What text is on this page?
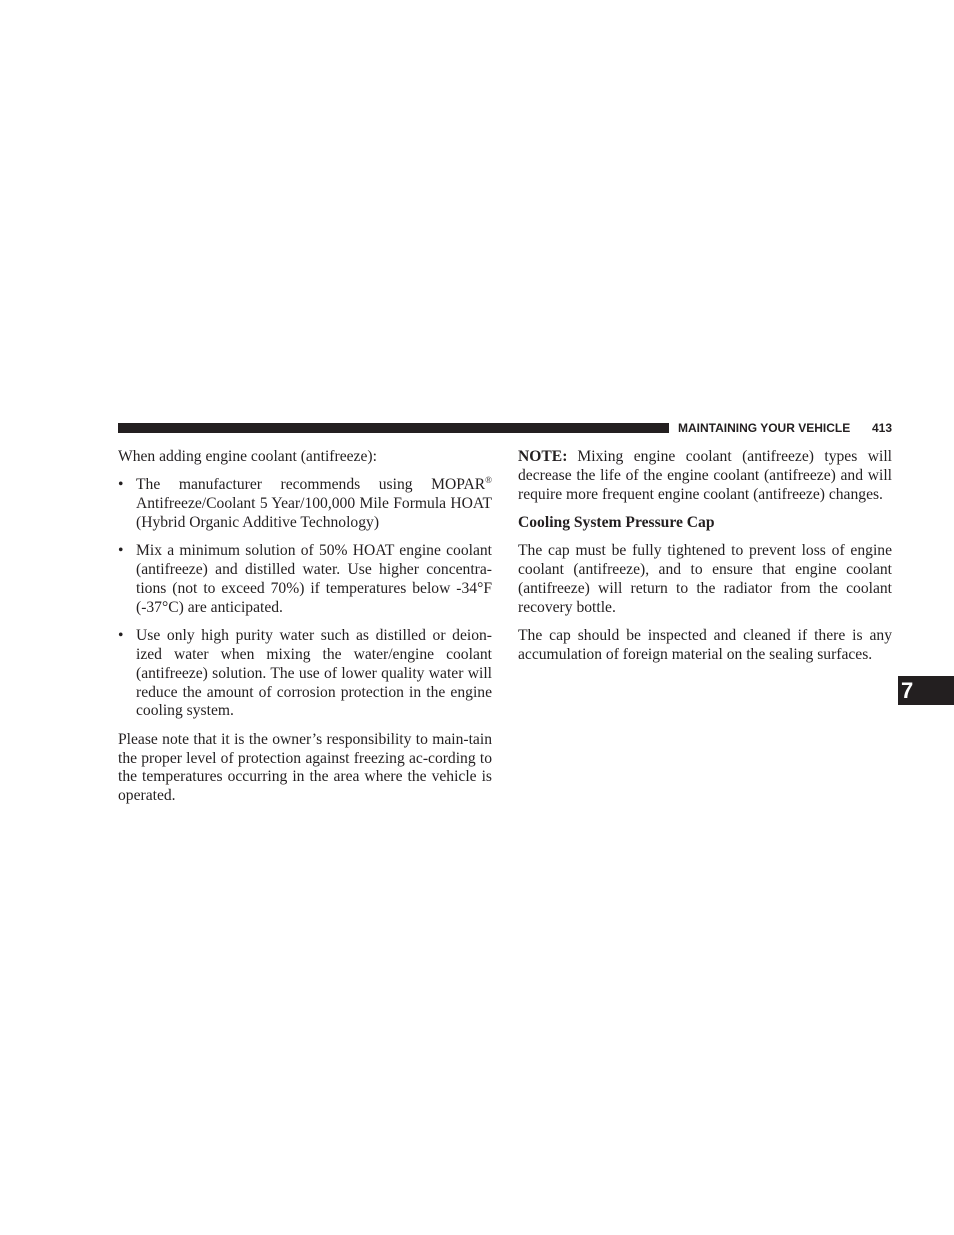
MAINTAINING YOUR VEHICLE 413

When adding engine coolant (antifreeze):

• The manufacturer recommends using MOPAR® Antifreeze/Coolant 5 Year/100,000 Mile Formula HOAT (Hybrid Organic Additive Technology)
• Mix a minimum solution of 50% HOAT engine coolant (antifreeze) and distilled water. Use higher concentra-tions (not to exceed 70%) if temperatures below -34°F (-37°C) are anticipated.
• Use only high purity water such as distilled or deion-ized water when mixing the water/engine coolant (antifreeze) solution. The use of lower quality water will reduce the amount of corrosion protection in the engine cooling system.

Please note that it is the owner’s responsibility to main-tain the proper level of protection against freezing ac-cording to the temperatures occurring in the area where the vehicle is operated.

NOTE: Mixing engine coolant (antifreeze) types will decrease the life of the engine coolant (antifreeze) and will require more frequent engine coolant (antifreeze) changes.

Cooling System Pressure Cap

The cap must be fully tightened to prevent loss of engine coolant (antifreeze), and to ensure that engine coolant (antifreeze) will return to the radiator from the coolant recovery bottle.

The cap should be inspected and cleaned if there is any accumulation of foreign material on the sealing surfaces.

7
